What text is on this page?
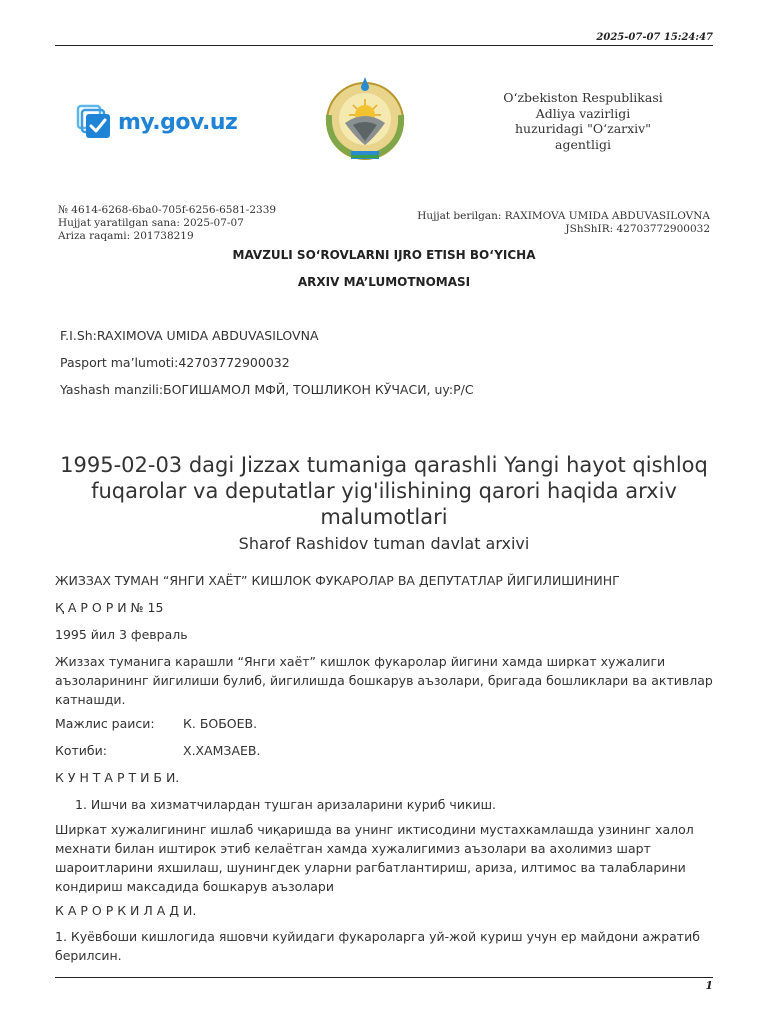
2025-07-07 15:24:47
my.gov.uz
O‘zbekiston Respublikasi
Adliya vazirligi
huzuridagi "O‘zarxiv"
agentligi
№ 4614-6268-6ba0-705f-6256-6581-2339
Hujjat yaratilgan sana: 2025-07-07
Ariza raqami: 201738219
Hujjat berilgan: RAXIMOVA UMIDA ABDUVASILOVNA
JShShIR: 42703772900032
MAVZULI SO‘ROVLARNI IJRO ETISH BO‘YICHA
ARXIV MA’LUMOTNOMASI
F.I.Sh:RAXIMOVA UMIDA ABDUVASILOVNA
Pasport ma’lumoti:42703772900032
Yashash manzili:БОГИШАМОЛ МФЙ, ТОШЛИКОН КЎЧАСИ, uy:P/C
1995-02-03 dagi Jizzax tumaniga qarashli Yangi hayot qishloq fuqarolar va deputatlar yig'ilishining qarori haqida arxiv malumotlari
Sharof Rashidov tuman davlat arxivi
ЖИЗЗАХ ТУМАН “ЯНГИ ХАЁТ” КИШЛОК ФУКАРОЛАР ВА ДЕПУТАТЛАР ЙИГИЛИШИНИНГ
Қ А Р О Р И № 15
1995 йил 3 февраль
Жиззах туманига карашли “Янги хаёт” кишлок фукаролар йигини хамда ширкат хужалиги аъзоларининг йигилиши булиб, йигилишда бошкарув аъзолари, бригада бошликлари ва активлар катнашди.
Мажлис раиси: К. БОБОЕВ.
Котиби:	Х.ХАМЗАЕВ.
К У Н Т А Р Т И Б И.
1. Ишчи ва хизматчилардан тушган аризаларини куриб чикиш.
Ширкат хужалигининг ишлаб чиқаришда ва унинг иктисодини мустахкамлашда узининг халол мехнати билан иштирок этиб келаётган хамда хужалигимиз аъзолари ва ахолимиз шарт шароитларини яхшилаш, шунингдек уларни рагбатлантириш, ариза, илтимос ва талабларини кондириш максадида бошкарув аъзолари
К А Р О Р К И Л А Д И.
1. Куёвбоши кишлогида яшовчи куйидаги фукароларга уй-жой куриш учун ер майдони ажратиб берилсин.
1
